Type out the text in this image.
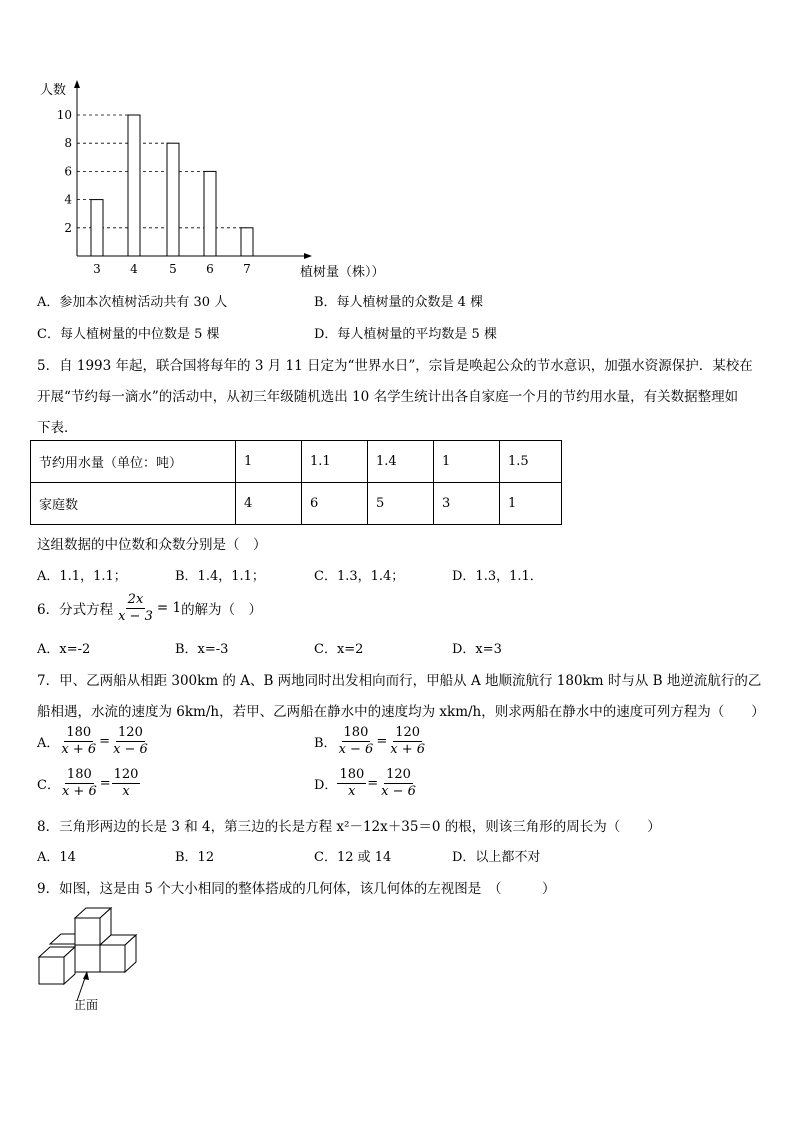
10
8
6
4
2
3 4	5 6 7
人数
植树量（株））
A．参加本次植树活动共有 30 人	B．每人植树量的众数是 4 棵
C．每人植树量的中位数是 5 棵	D．每人植树量的平均数是 5 棵
5．自 1993 年起，联合国将每年的 3 月 11 日定为“世界水日”，宗旨是唤起公众的节水意识，加强水资源保护．某校在
开展“节约每一滴水”的活动中，从初三年级随机选出 10 名学生统计出各自家庭一个月的节约用水量，有关数据整理如
下表．
节约用水量（单位：吨）	1	1.1	1.4	1	1.5
家庭数	4	6	5	3	1
这组数据的中位数和众数分别是（　）
A．1.1，1.1；	B．1.4，1.1；	C．1.3，1.4；	D．1.3，1.1．
6．分式方程 $\frac{2x}{x - 3} = 1$ 的解为（　）
A．x=-2	B．x=-3	C．x=2	D．x=3
7．甲、乙两船从相距 300km 的 A、B 两地同时出发相向而行，甲船从 A 地顺流航行 180km 时与从 B 地逆流航行的乙
船相遇，水流的速度为 6km/h，若甲、乙两船在静水中的速度均为 xkm/h，则求两船在静水中的速度可列方程为（　　）
A． $\frac{180}{x + 6} = \frac{120}{x - 6}$	B． $\frac{180}{x - 6} = \frac{120}{x + 6}$
C． $\frac{180}{x + 6} = \frac{120}{x}$	D． $\frac{180}{x} = \frac{120}{x - 6}$
8．三角形两边的长是 3 和 4，第三边的长是方程 x²－12x＋35＝0 的根，则该三角形的周长为（　　）
A．14	B．12	C．12 或 14	D．以上都不对
9．如图，这是由 5 个大小相同的整体搭成的几何体，该几何体的左视图是　（　　　）
正面
